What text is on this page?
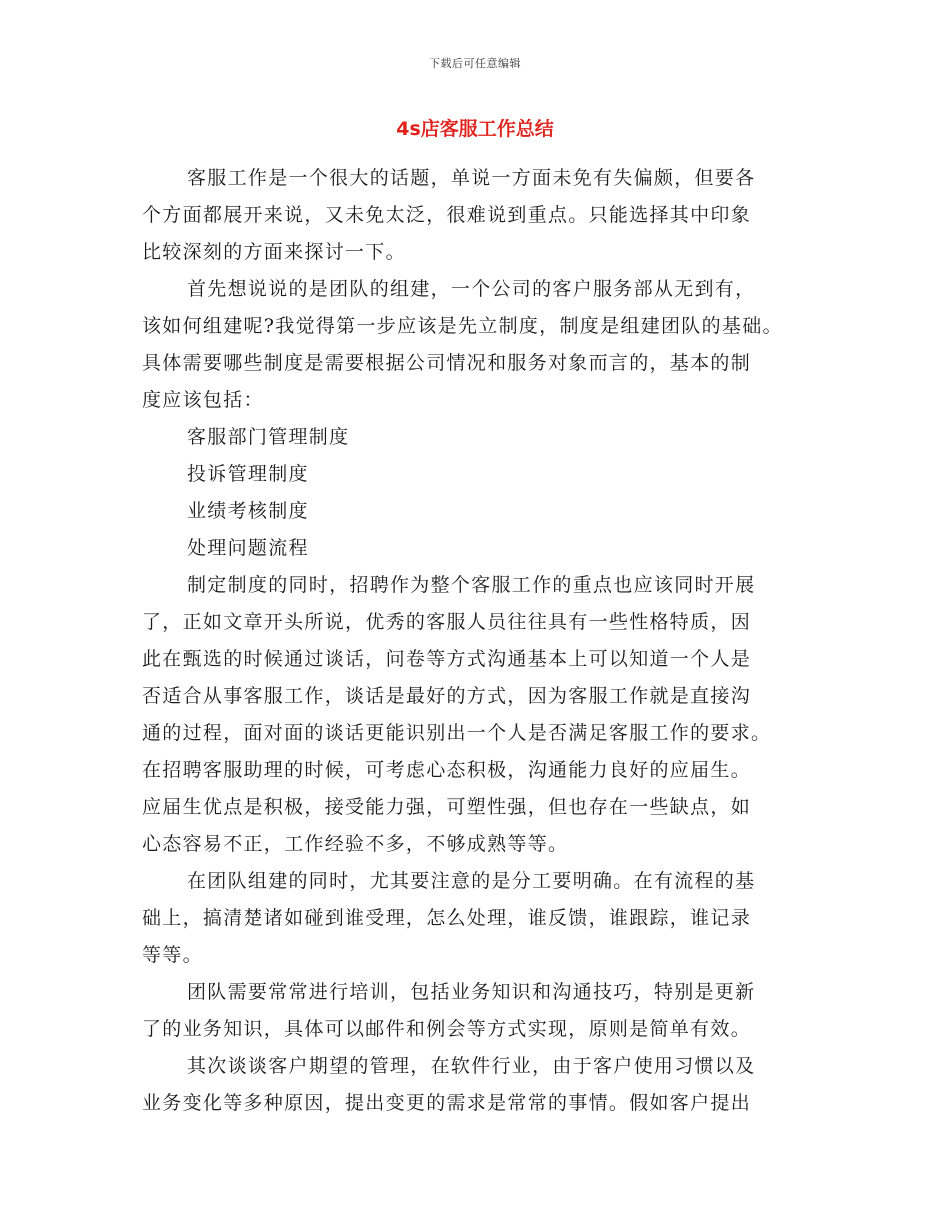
下载后可任意编辑
4s店客服工作总结
客服工作是一个很大的话题，单说一方面未免有失偏颇，但要各
个方面都展开来说，又未免太泛，很难说到重点。只能选择其中印象
比较深刻的方面来探讨一下。
首先想说说的是团队的组建，一个公司的客户服务部从无到有，
该如何组建呢?我觉得第一步应该是先立制度，制度是组建团队的基础。
具体需要哪些制度是需要根据公司情况和服务对象而言的，基本的制
度应该包括：
客服部门管理制度
投诉管理制度
业绩考核制度
处理问题流程
制定制度的同时，招聘作为整个客服工作的重点也应该同时开展
了，正如文章开头所说，优秀的客服人员往往具有一些性格特质，因
此在甄选的时候通过谈话，问卷等方式沟通基本上可以知道一个人是
否适合从事客服工作，谈话是最好的方式，因为客服工作就是直接沟
通的过程，面对面的谈话更能识别出一个人是否满足客服工作的要求。
在招聘客服助理的时候，可考虑心态积极，沟通能力良好的应届生。
应届生优点是积极，接受能力强，可塑性强，但也存在一些缺点，如
心态容易不正，工作经验不多，不够成熟等等。
在团队组建的同时，尤其要注意的是分工要明确。在有流程的基
础上，搞清楚诸如碰到谁受理，怎么处理，谁反馈，谁跟踪，谁记录
等等。
团队需要常常进行培训，包括业务知识和沟通技巧，特别是更新
了的业务知识，具体可以邮件和例会等方式实现，原则是简单有效。
其次谈谈客户期望的管理，在软件行业，由于客户使用习惯以及
业务变化等多种原因，提出变更的需求是常常的事情。假如客户提出
